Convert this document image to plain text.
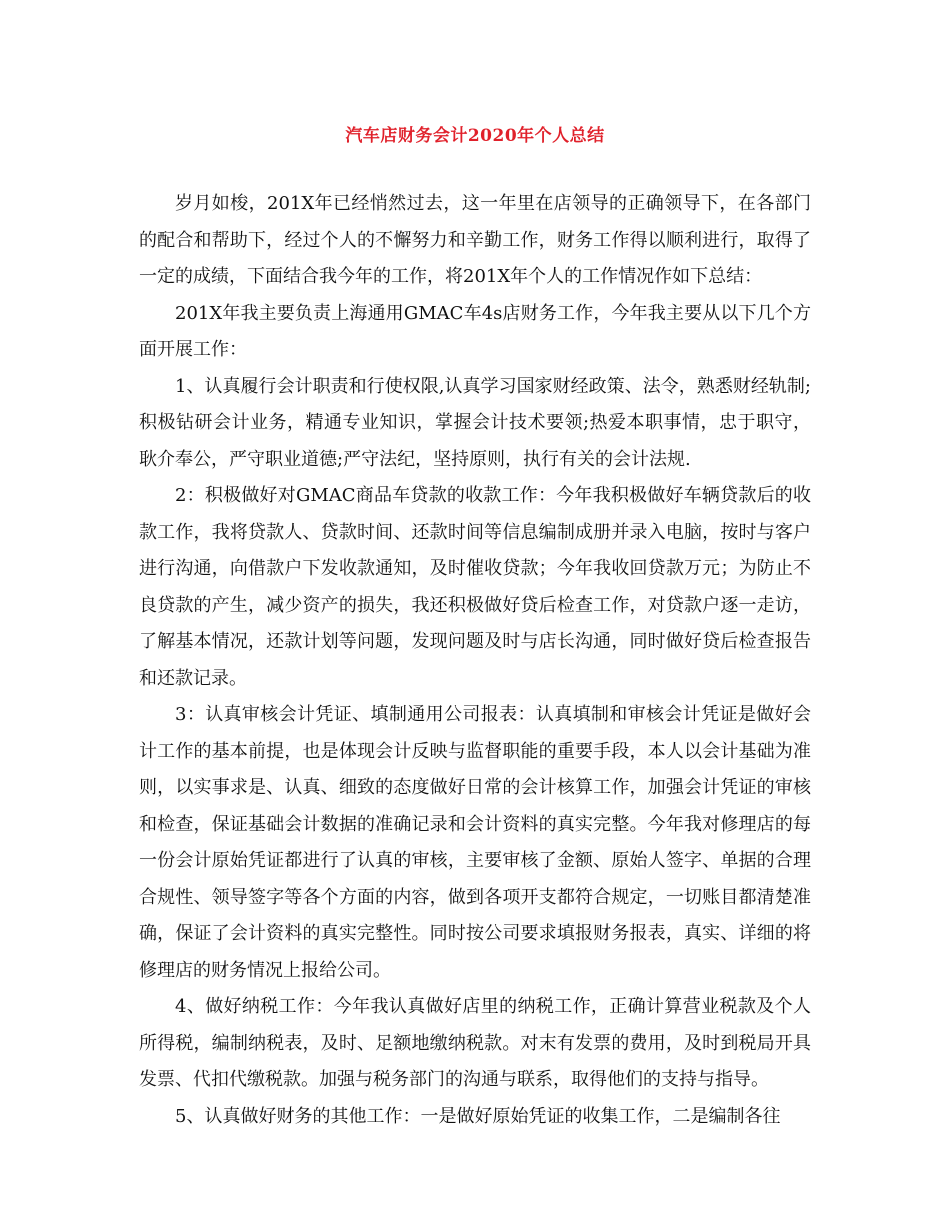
汽车店财务会计2020年个人总结

岁月如梭，201X年已经悄然过去，这一年里在店领导的正确领导下，在各部门的配合和帮助下，经过个人的不懈努力和辛勤工作，财务工作得以顺利进行，取得了一定的成绩，下面结合我今年的工作，将201X年个人的工作情况作如下总结：

201X年我主要负责上海通用GMAC车4s店财务工作，今年我主要从以下几个方面开展工作：

1、认真履行会计职责和行使权限,认真学习国家财经政策、法令，熟悉财经轨制;积极钻研会计业务，精通专业知识，掌握会计技术要领;热爱本职事情，忠于职守，耿介奉公，严守职业道德;严守法纪，坚持原则，执行有关的会计法规.

2：积极做好对GMAC商品车贷款的收款工作：今年我积极做好车辆贷款后的收款工作，我将贷款人、贷款时间、还款时间等信息编制成册并录入电脑，按时与客户进行沟通，向借款户下发收款通知，及时催收贷款；今年我收回贷款万元；为防止不良贷款的产生，减少资产的损失，我还积极做好贷后检查工作，对贷款户逐一走访，了解基本情况，还款计划等问题，发现问题及时与店长沟通，同时做好贷后检查报告和还款记录。

3：认真审核会计凭证、填制通用公司报表：认真填制和审核会计凭证是做好会计工作的基本前提，也是体现会计反映与监督职能的重要手段，本人以会计基础为准则，以实事求是、认真、细致的态度做好日常的会计核算工作，加强会计凭证的审核和检查，保证基础会计数据的准确记录和会计资料的真实完整。今年我对修理店的每一份会计原始凭证都进行了认真的审核，主要审核了金额、原始人签字、单据的合理合规性、领导签字等各个方面的内容，做到各项开支都符合规定，一切账目都清楚准确，保证了会计资料的真实完整性。同时按公司要求填报财务报表，真实、详细的将修理店的财务情况上报给公司。

4、做好纳税工作：今年我认真做好店里的纳税工作，正确计算营业税款及个人所得税，编制纳税表，及时、足额地缴纳税款。对末有发票的费用，及时到税局开具发票、代扣代缴税款。加强与税务部门的沟通与联系，取得他们的支持与指导。

5、认真做好财务的其他工作：一是做好原始凭证的收集工作，二是编制各往
